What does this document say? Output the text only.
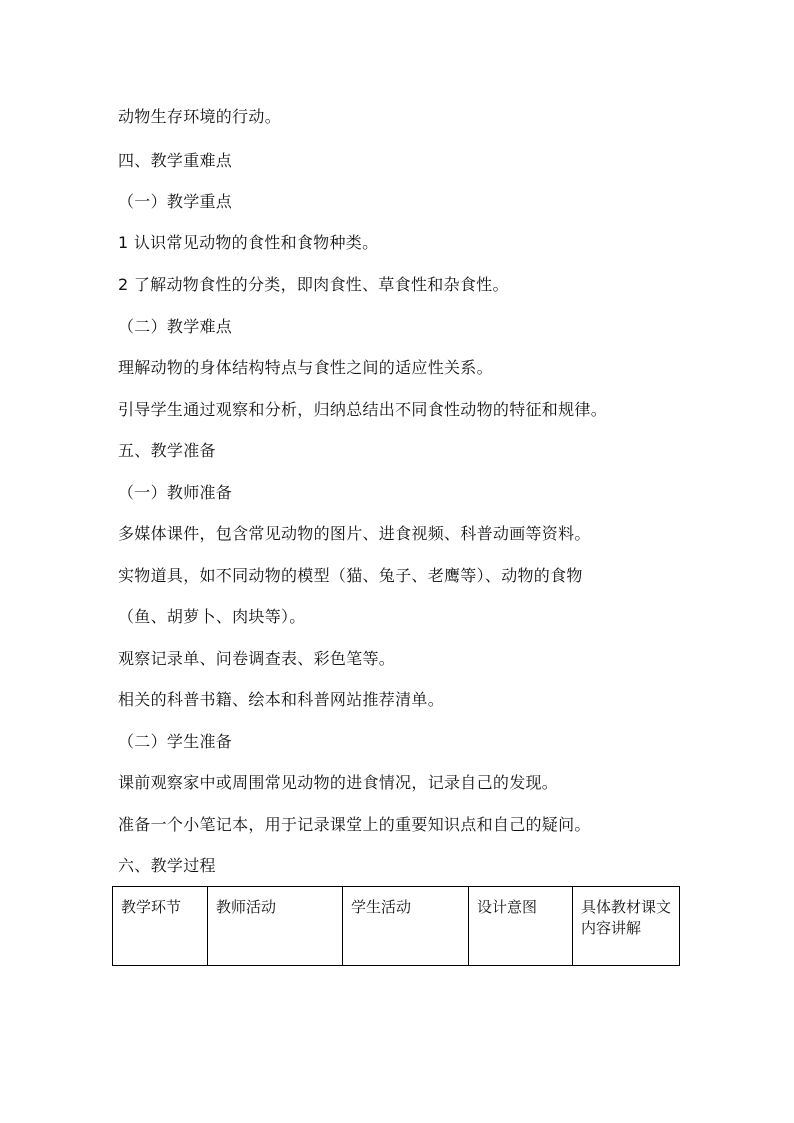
动物生存环境的行动。
四、教学重难点
（一）教学重点
1 认识常见动物的食性和食物种类。
2 了解动物食性的分类，即肉食性、草食性和杂食性。
（二）教学难点
理解动物的身体结构特点与食性之间的适应性关系。
引导学生通过观察和分析，归纳总结出不同食性动物的特征和规律。
五、教学准备
（一）教师准备
多媒体课件，包含常见动物的图片、进食视频、科普动画等资料。
实物道具，如不同动物的模型（猫、兔子、老鹰等）、动物的食物
（鱼、胡萝卜、肉块等）。
观察记录单、问卷调查表、彩色笔等。
相关的科普书籍、绘本和科普网站推荐清单。
（二）学生准备
课前观察家中或周围常见动物的进食情况，记录自己的发现。
准备一个小笔记本，用于记录课堂上的重要知识点和自己的疑问。
六、教学过程
教学环节	教师活动	学生活动	设计意图	具体教材课文内容讲解
